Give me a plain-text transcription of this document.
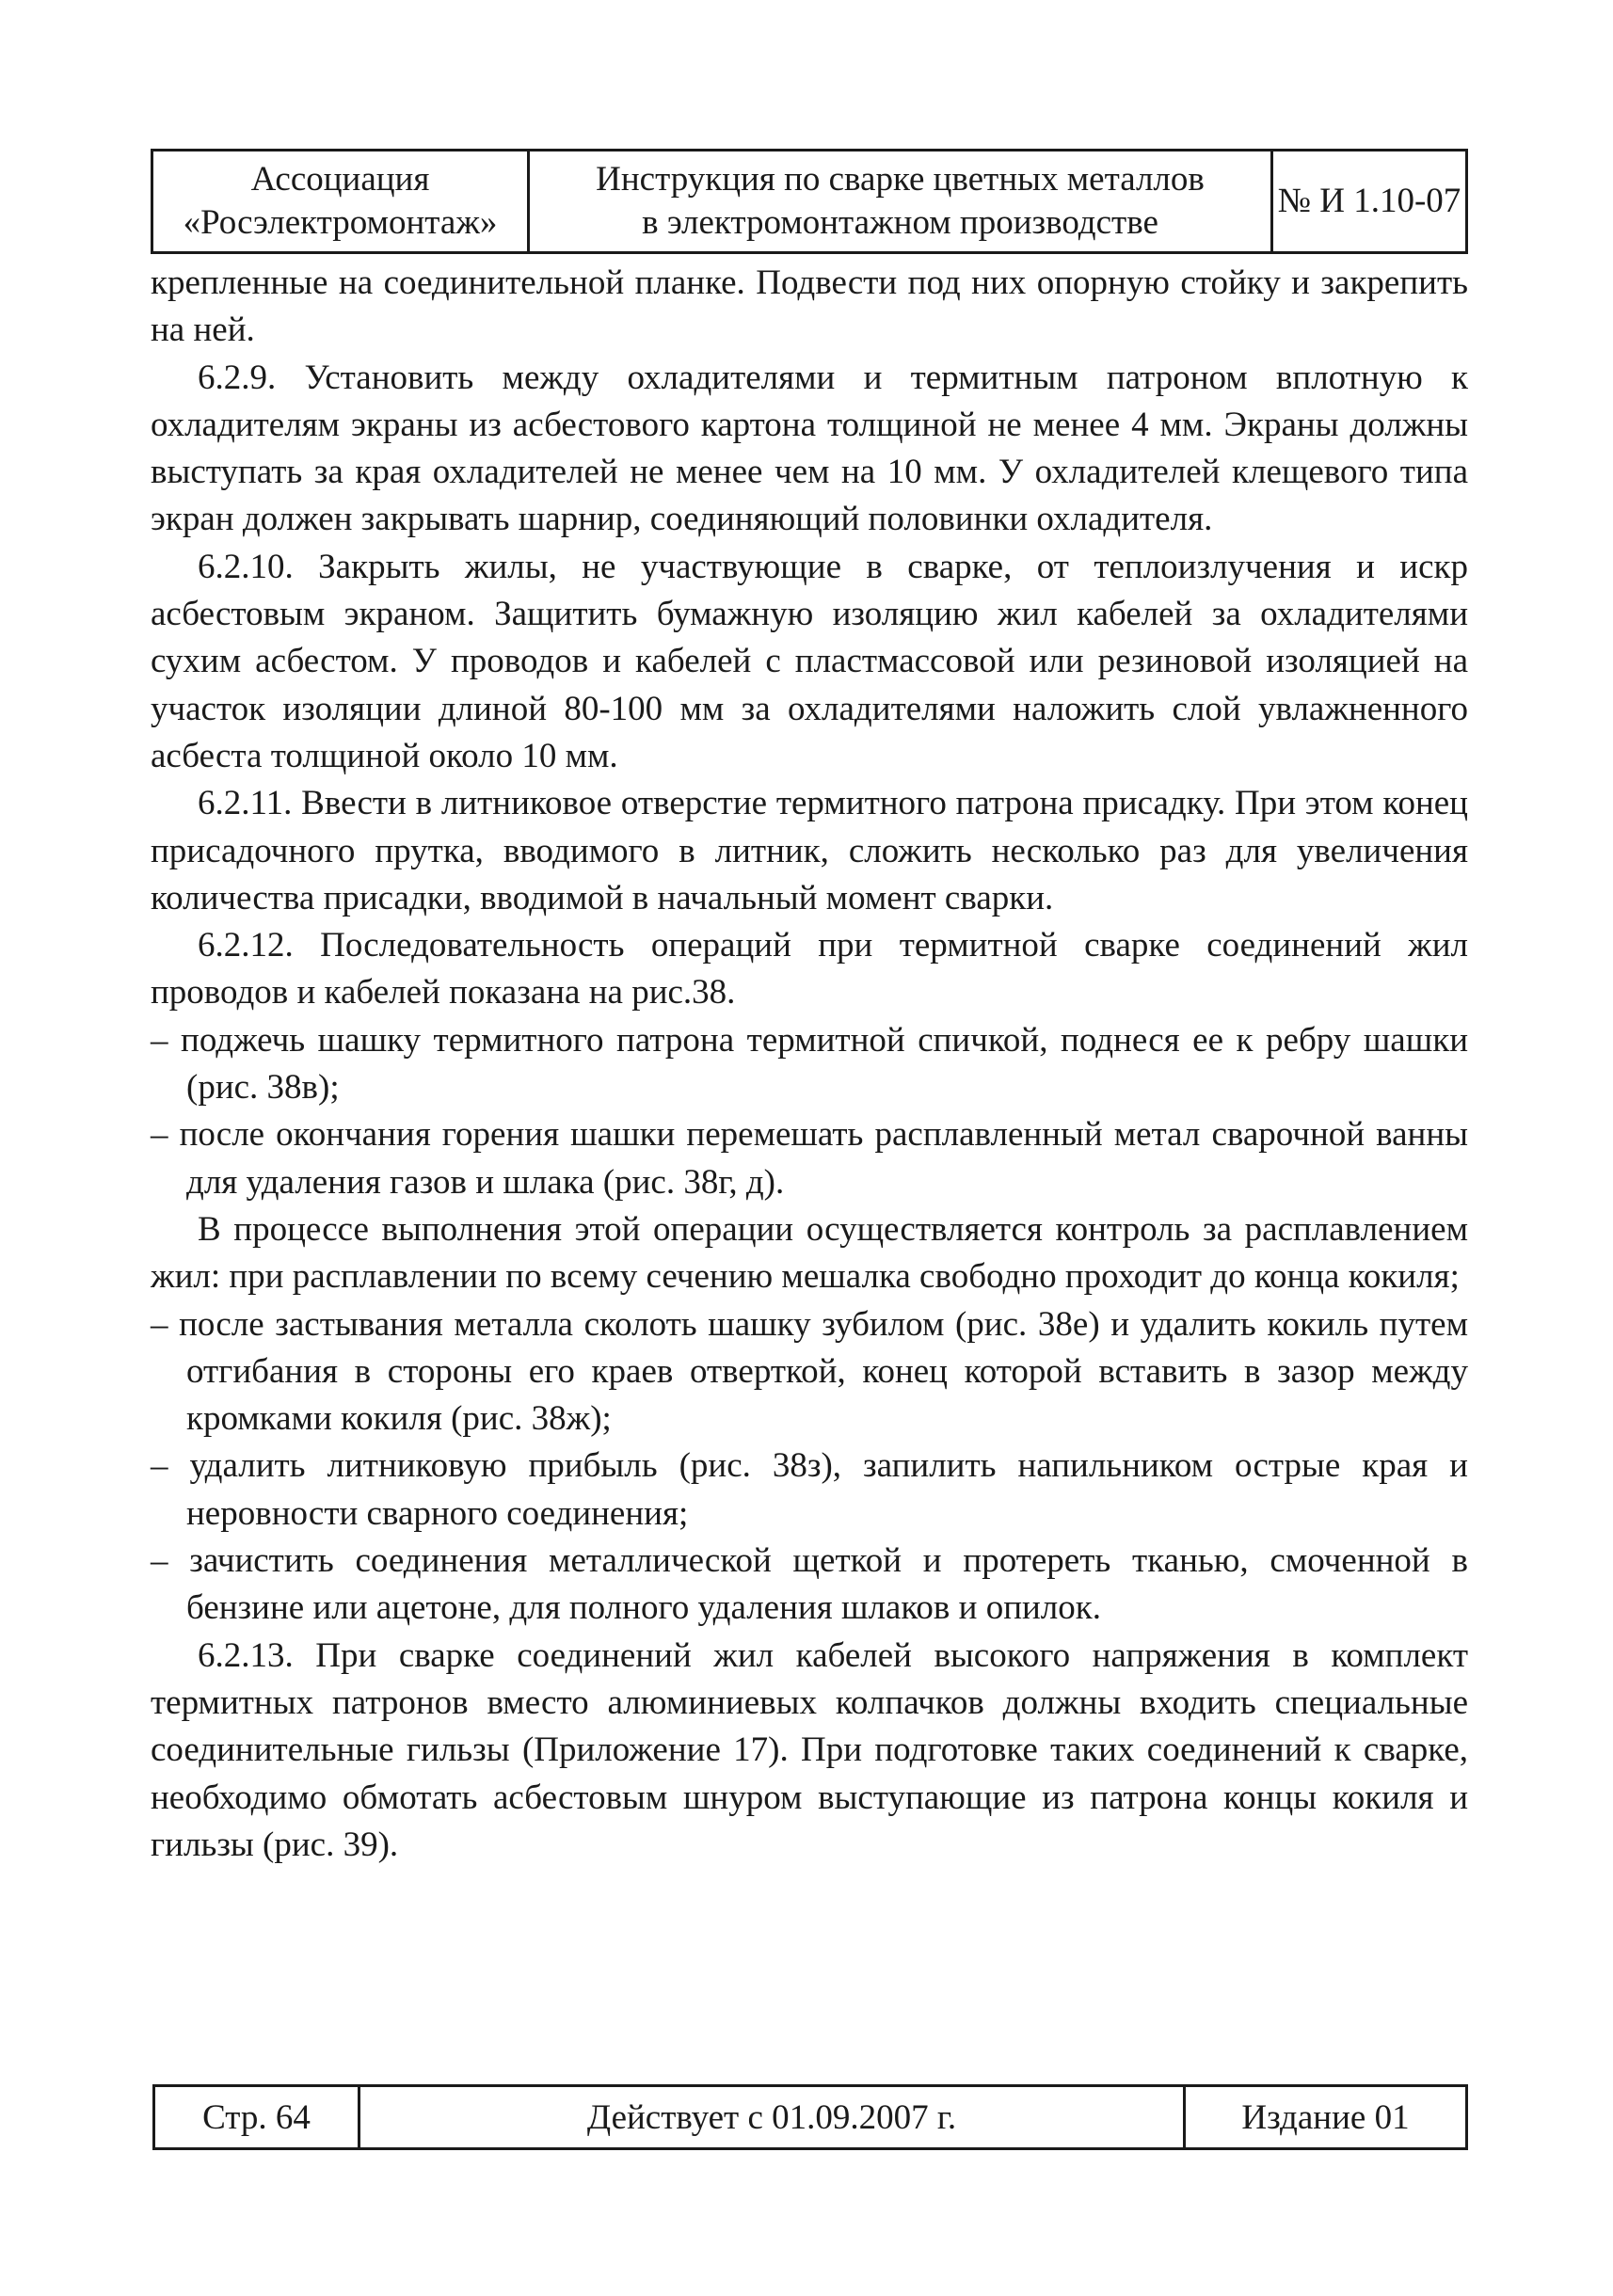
Ассоциация
«Росэлектромонтаж»
Инструкция по сварке цветных металлов
в электромонтажном производстве
№ И 1.10-07

крепленные на соединительной планке. Подвести под них опорную стойку и закрепить на ней.

6.2.9. Установить между охладителями и термитным патроном вплотную к охладителям экраны из асбестового картона толщиной не менее 4 мм. Экраны должны выступать за края охладителей не менее чем на 10 мм. У охладителей клещевого типа экран должен закрывать шарнир, соединяющий половинки охладителя.

6.2.10. Закрыть жилы, не участвующие в сварке, от теплоизлучения и искр асбестовым экраном. Защитить бумажную изоляцию жил кабелей за охладителями сухим асбестом. У проводов и кабелей с пластмассовой или резиновой изоляцией на участок изоляции длиной 80-100 мм за охладителями наложить слой увлажненного асбеста толщиной около 10 мм.

6.2.11. Ввести в литниковое отверстие термитного патрона присадку. При этом конец присадочного прутка, вводимого в литник, сложить несколько раз для увеличения количества присадки, вводимой в начальный момент сварки.

6.2.12. Последовательность операций при термитной сварке соединений жил проводов и кабелей показана на рис.38.

– поджечь шашку термитного патрона термитной спичкой, поднеся ее к ребру шашки (рис. 38в);

– после окончания горения шашки перемешать расплавленный метал сварочной ванны для удаления газов и шлака (рис. 38г, д).

В процессе выполнения этой операции осуществляется контроль за расплавлением жил: при расплавлении по всему сечению мешалка свободно проходит до конца кокиля;

– после застывания металла сколоть шашку зубилом (рис. 38е) и удалить кокиль путем отгибания в стороны его краев отверткой, конец которой вставить в зазор между кромками кокиля (рис. 38ж);

– удалить литниковую прибыль (рис. 38з), запилить напильником острые края и неровности сварного соединения;

– зачистить соединения металлической щеткой и протереть тканью, смоченной в бензине или ацетоне, для полного удаления шлаков и опилок.

6.2.13. При сварке соединений жил кабелей высокого напряжения в комплект термитных патронов вместо алюминиевых колпачков должны входить специальные соединительные гильзы (Приложение 17). При подготовке таких соединений к сварке, необходимо обмотать асбестовым шнуром выступающие из патрона концы кокиля и гильзы (рис. 39).

Стр. 64	Действует с 01.09.2007 г.	Издание 01
